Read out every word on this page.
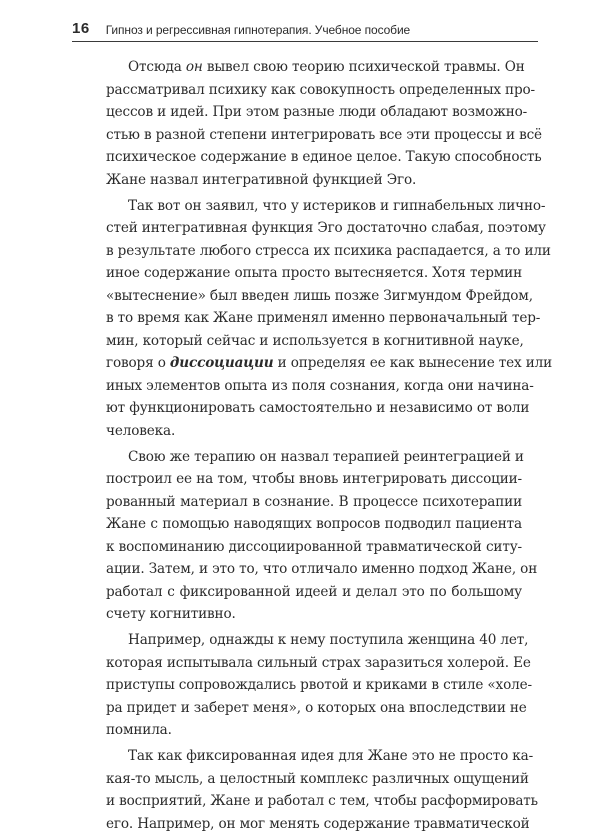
16 Гипноз и регрессивная гипнотерапия. Учебное пособие
Отсюда он вывел свою теорию психической травмы. Он
рассматривал психику как совокупность определенных про-
цессов и идей. При этом разные люди обладают возможно-
стью в разной степени интегрировать все эти процессы и всё
психическое содержание в единое целое. Такую способность
Жане назвал интегративной функцией Эго.
Так вот он заявил, что у истериков и гипнабельных лично-
стей интегративная функция Эго достаточно слабая, поэтому
в результате любого стресса их психика распадается, а то или
иное содержание опыта просто вытесняется. Хотя термин
«вытеснение» был введен лишь позже Зигмундом Фрейдом,
в то время как Жане применял именно первоначальный тер-
мин, который сейчас и используется в когнитивной науке,
говоря о диссоциации и определяя ее как вынесение тех или
иных элементов опыта из поля сознания, когда они начина-
ют функционировать самостоятельно и независимо от воли
человека.
Свою же терапию он назвал терапией реинтеграцией и
построил ее на том, чтобы вновь интегрировать диссоции-
рованный материал в сознание. В процессе психотерапии
Жане с помощью наводящих вопросов подводил пациента
к воспоминанию диссоциированной травматической ситу-
ации. Затем, и это то, что отличало именно подход Жане, он
работал с фиксированной идеей и делал это по большому
счету когнитивно.
Например, однажды к нему поступила женщина 40 лет,
которая испытывала сильный страх заразиться холерой. Ее
приступы сопровождались рвотой и криками в стиле «холе-
ра придет и заберет меня», о которых она впоследствии не
помнила.
Так как фиксированная идея для Жане это не просто ка-
кая-то мысль, а целостный комплекс различных ощущений
и восприятий, Жане и работал с тем, чтобы расформировать
его. Например, он мог менять содержание травматической
